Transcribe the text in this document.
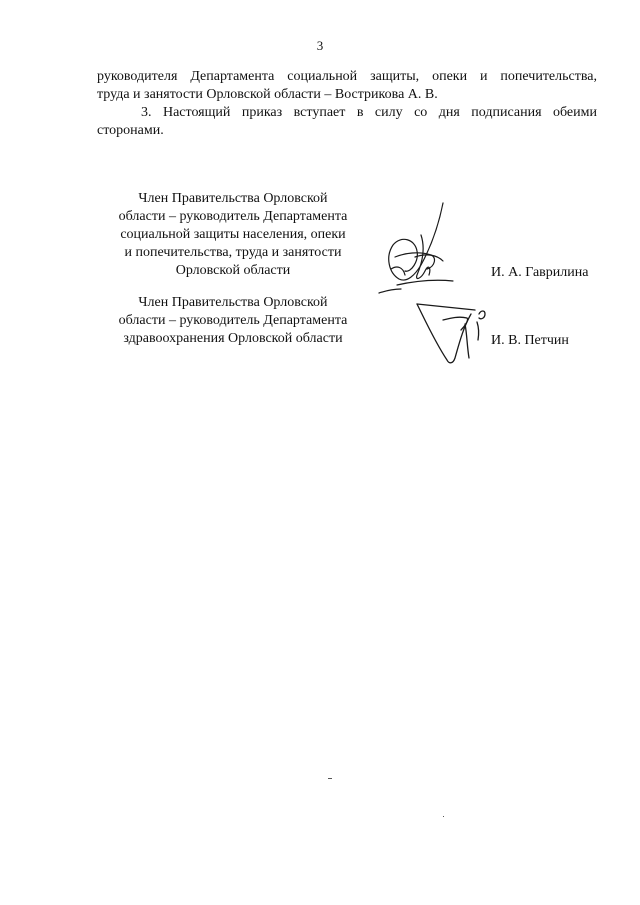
3
руководителя Департамента социальной защиты, опеки и попечительства,
труда и занятости Орловской области – Вострикова А. В.
3. Настоящий приказ вступает в силу со дня подписания обеими
сторонами.
Член Правительства Орловской
области – руководитель Департамента
социальной защиты населения, опеки
и попечительства, труда и занятости
Орловской области	И. А. Гаврилина
Член Правительства Орловской
области – руководитель Департамента
здравоохранения Орловской области	И. В. Петчин
